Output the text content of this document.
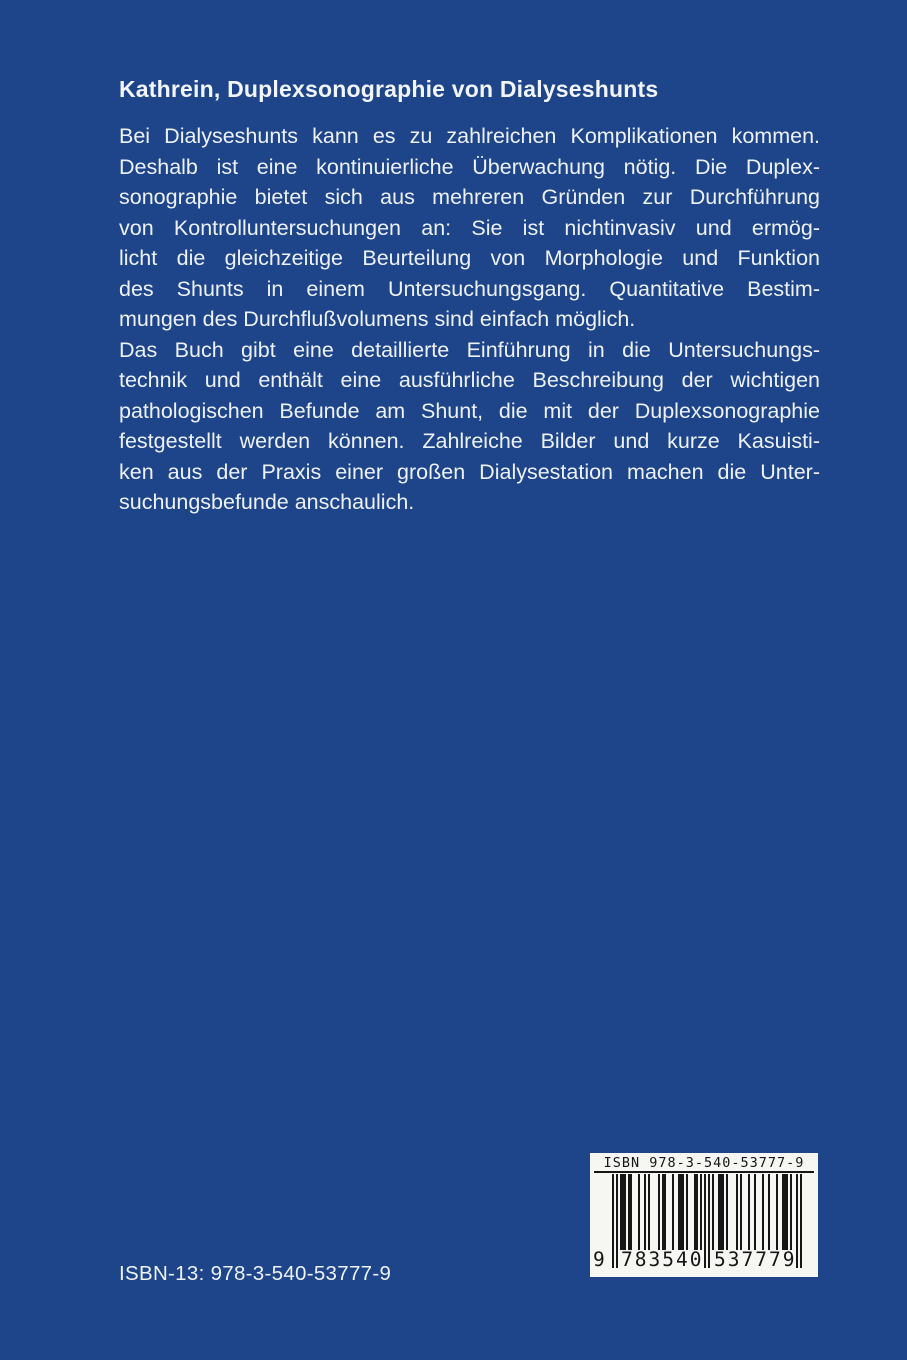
Kathrein, Duplexsonographie von Dialyseshunts
Bei Dialyseshunts kann es zu zahlreichen Komplikationen kommen.
Deshalb ist eine kontinuierliche Überwachung nötig. Die Duplex-
sonographie bietet sich aus mehreren Gründen zur Durchführung
von Kontrolluntersuchungen an: Sie ist nichtinvasiv und ermög-
licht die gleichzeitige Beurteilung von Morphologie und Funktion
des Shunts in einem Untersuchungsgang. Quantitative Bestim-
mungen des Durchflußvolumens sind einfach möglich.
Das Buch gibt eine detaillierte Einführung in die Untersuchungs-
technik und enthält eine ausführliche Beschreibung der wichtigen
pathologischen Befunde am Shunt, die mit der Duplexsonographie
festgestellt werden können. Zahlreiche Bilder und kurze Kasuisti-
ken aus der Praxis einer großen Dialysestation machen die Unter-
suchungsbefunde anschaulich.
ISBN 978-3-540-53777-9
9 783540 537779
ISBN-13: 978-3-540-53777-9
